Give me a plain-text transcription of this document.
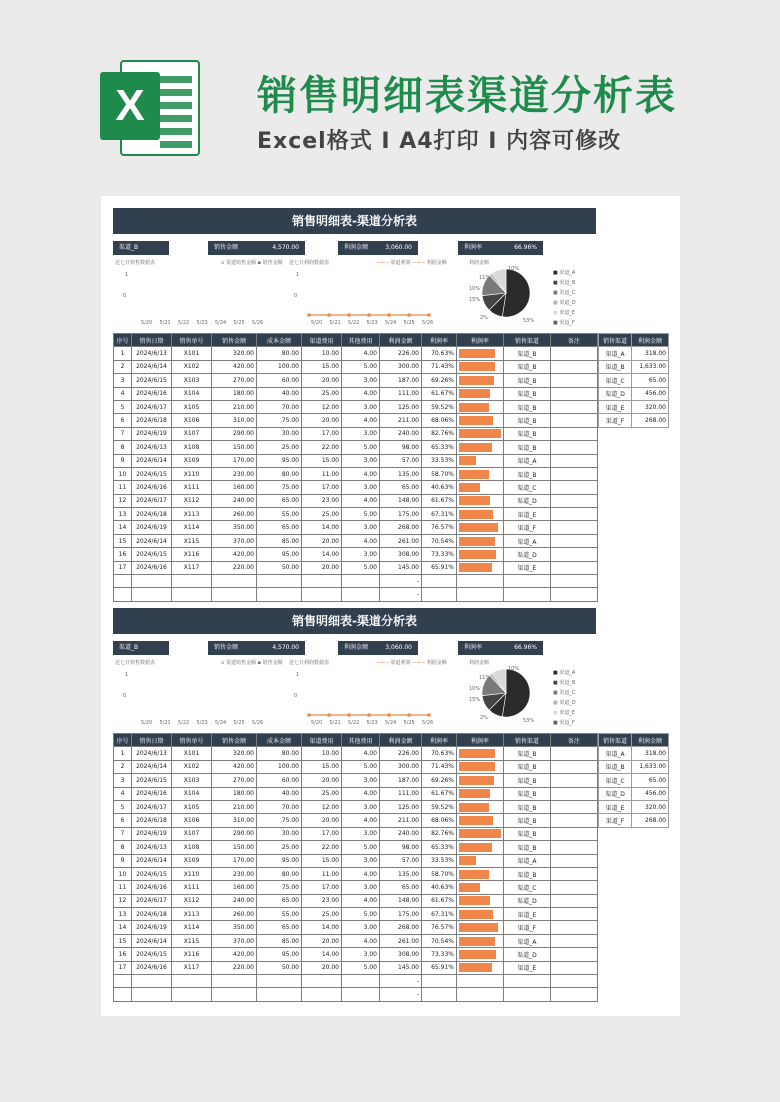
X	销售明细表渠道分析表
Excel格式 I A4打印 I 内容可修改
销售明细表-渠道分析表
渠道_B	销售金额	4,570.00	利润金额	3,060.00	利润率	66.96%
近七日销售数据表	▫ 渠道销售金额 ▪ 销售金额
1
0
5/20 5/21 5/22 5/23 5/24 5/25 5/26
近七日利润数据表	—•— 渠道利润 —•— 利润金额
1
0
5/20 5/21 5/22 5/23 5/24 5/25 5/26
利润金额
10%
11%
15%
2%
10%
53%
■ 渠道_A
■ 渠道_B
■ 渠道_C
■ 渠道_D
■ 渠道_E
■ 渠道_F
序号	销售日期	销售单号	销售金额	成本金额	渠道费用	其他费用	利润金额	利润率	利润率	销售渠道	备注
1	2024/6/13	X101	320.00	80.00	10.00	4.00	226.00	70.63%		渠道_B	
2	2024/6/14	X102	420.00	100.00	15.00	5.00	300.00	71.43%		渠道_B	
3	2024/6/15	X103	270.00	60.00	20.00	3.00	187.00	69.26%		渠道_B	
4	2024/6/16	X104	180.00	40.00	25.00	4.00	111.00	61.67%		渠道_B	
5	2024/6/17	X105	210.00	70.00	12.00	3.00	125.00	59.52%		渠道_B	
6	2024/6/18	X106	310.00	75.00	20.00	4.00	211.00	68.06%		渠道_B	
7	2024/6/19	X107	290.00	30.00	17.00	3.00	240.00	82.76%		渠道_B	
8	2024/6/13	X108	150.00	25.00	22.00	5.00	98.00	65.33%		渠道_B	
9	2024/6/14	X109	170.00	95.00	15.00	3.00	57.00	33.53%		渠道_A	
10	2024/6/15	X110	230.00	80.00	11.00	4.00	135.00	58.70%		渠道_B	
11	2024/6/16	X111	160.00	75.00	17.00	3.00	65.00	40.63%		渠道_C	
12	2024/6/17	X112	240.00	65.00	23.00	4.00	148.00	61.67%		渠道_D	
13	2024/6/18	X113	260.00	55.00	25.00	5.00	175.00	67.31%		渠道_E	
14	2024/6/19	X114	350.00	65.00	14.00	3.00	268.00	76.57%		渠道_F	
15	2024/6/14	X115	370.00	85.00	20.00	4.00	261.00	70.54%		渠道_A	
16	2024/6/15	X116	420.00	95.00	14.00	3.00	308.00	73.33%		渠道_D	
17	2024/6/16	X117	220.00	50.00	20.00	5.00	145.00	65.91%		渠道_E	
							-				
							-				
销售渠道	利润金额
渠道_A	318.00
渠道_B	1,633.00
渠道_C	65.00
渠道_D	456.00
渠道_E	320.00
渠道_F	268.00
销售明细表-渠道分析表
渠道_B	销售金额	4,570.00	利润金额	3,060.00	利润率	66.96%
近七日销售数据表	▫ 渠道销售金额 ▪ 销售金额
1
0
5/20 5/21 5/22 5/23 5/24 5/25 5/26
近七日利润数据表	—•— 渠道利润 —•— 利润金额
1
0
5/20 5/21 5/22 5/23 5/24 5/25 5/26
利润金额
10%
11%
15%
2%
10%
53%
■ 渠道_A
■ 渠道_B
■ 渠道_C
■ 渠道_D
■ 渠道_E
■ 渠道_F
序号	销售日期	销售单号	销售金额	成本金额	渠道费用	其他费用	利润金额	利润率	利润率	销售渠道	备注
1	2024/6/13	X101	320.00	80.00	10.00	4.00	226.00	70.63%		渠道_B	
2	2024/6/14	X102	420.00	100.00	15.00	5.00	300.00	71.43%		渠道_B	
3	2024/6/15	X103	270.00	60.00	20.00	3.00	187.00	69.26%		渠道_B	
4	2024/6/16	X104	180.00	40.00	25.00	4.00	111.00	61.67%		渠道_B	
5	2024/6/17	X105	210.00	70.00	12.00	3.00	125.00	59.52%		渠道_B	
6	2024/6/18	X106	310.00	75.00	20.00	4.00	211.00	68.06%		渠道_B	
7	2024/6/19	X107	290.00	30.00	17.00	3.00	240.00	82.76%		渠道_B	
8	2024/6/13	X108	150.00	25.00	22.00	5.00	98.00	65.33%		渠道_B	
9	2024/6/14	X109	170.00	95.00	15.00	3.00	57.00	33.53%		渠道_A	
10	2024/6/15	X110	230.00	80.00	11.00	4.00	135.00	58.70%		渠道_B	
11	2024/6/16	X111	160.00	75.00	17.00	3.00	65.00	40.63%		渠道_C	
12	2024/6/17	X112	240.00	65.00	23.00	4.00	148.00	61.67%		渠道_D	
13	2024/6/18	X113	260.00	55.00	25.00	5.00	175.00	67.31%		渠道_E	
14	2024/6/19	X114	350.00	65.00	14.00	3.00	268.00	76.57%		渠道_F	
15	2024/6/14	X115	370.00	85.00	20.00	4.00	261.00	70.54%		渠道_A	
16	2024/6/15	X116	420.00	95.00	14.00	3.00	308.00	73.33%		渠道_D	
17	2024/6/16	X117	220.00	50.00	20.00	5.00	145.00	65.91%		渠道_E	
							-				
							-				
销售渠道	利润金额
渠道_A	318.00
渠道_B	1,633.00
渠道_C	65.00
渠道_D	456.00
渠道_E	320.00
渠道_F	268.00
